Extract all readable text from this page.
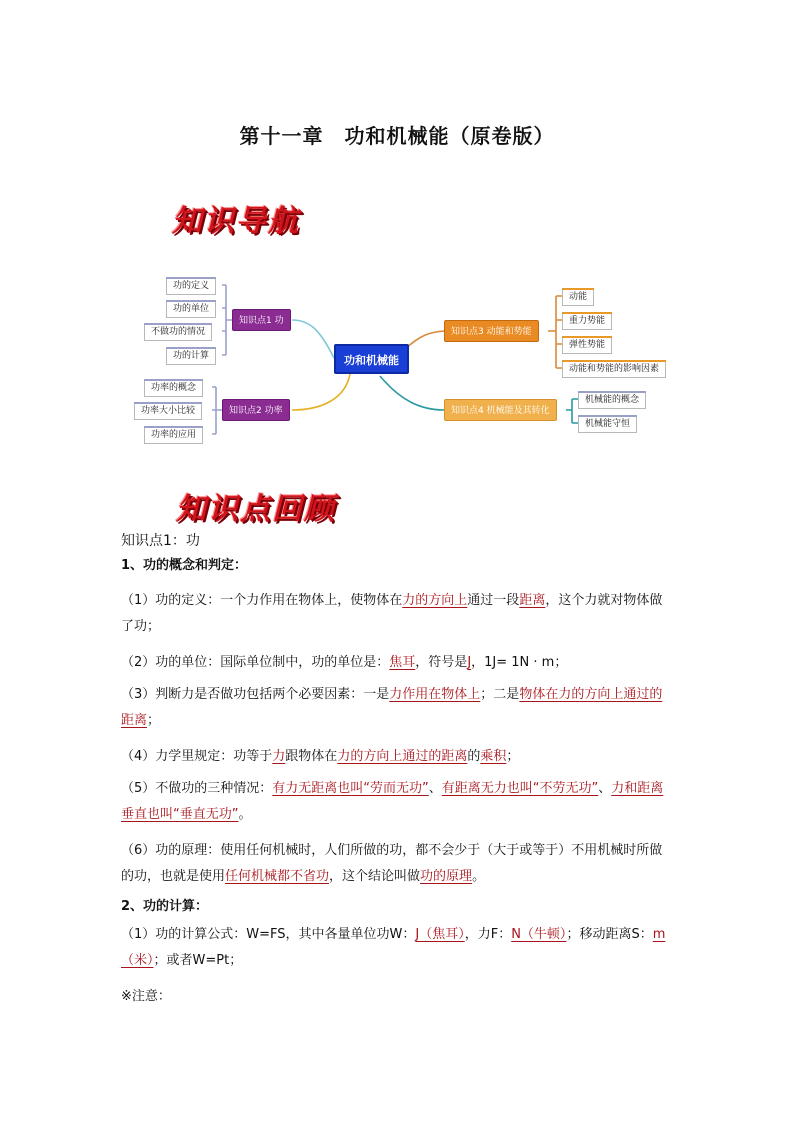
第十一章　功和机械能（原卷版）
知识导航
功和机械能
知识点1 功
功的定义
功的单位
不做功的情况
功的计算
知识点2 功率
功率的概念
功率大小比较
功率的应用
知识点3 动能和势能
动能
重力势能
弹性势能
动能和势能的影响因素
知识点4 机械能及其转化
机械能的概念
机械能守恒
知识点回顾
知识点1：功
1、功的概念和判定：
（1）功的定义：一个力作用在物体上，使物体在力的方向上通过一段距离，这个力就对物体做了功；
（2）功的单位：国际单位制中，功的单位是：焦耳，符号是J，1J= 1N · m；
（3）判断力是否做功包括两个必要因素：一是力作用在物体上；二是物体在力的方向上通过的距离；
（4）力学里规定：功等于力跟物体在力的方向上通过的距离的乘积；
（5）不做功的三种情况：有力无距离也叫“劳而无功”、有距离无力也叫“不劳无功”、力和距离垂直也叫“垂直无功”。
（6）功的原理：使用任何机械时，人们所做的功，都不会少于（大于或等于）不用机械时所做的功，也就是使用任何机械都不省功，这个结论叫做功的原理。
2、功的计算：
（1）功的计算公式：W=FS，其中各量单位功W：J（焦耳），力F：N（牛顿）；移动距离S：m（米）；或者W=Pt；
※注意：
